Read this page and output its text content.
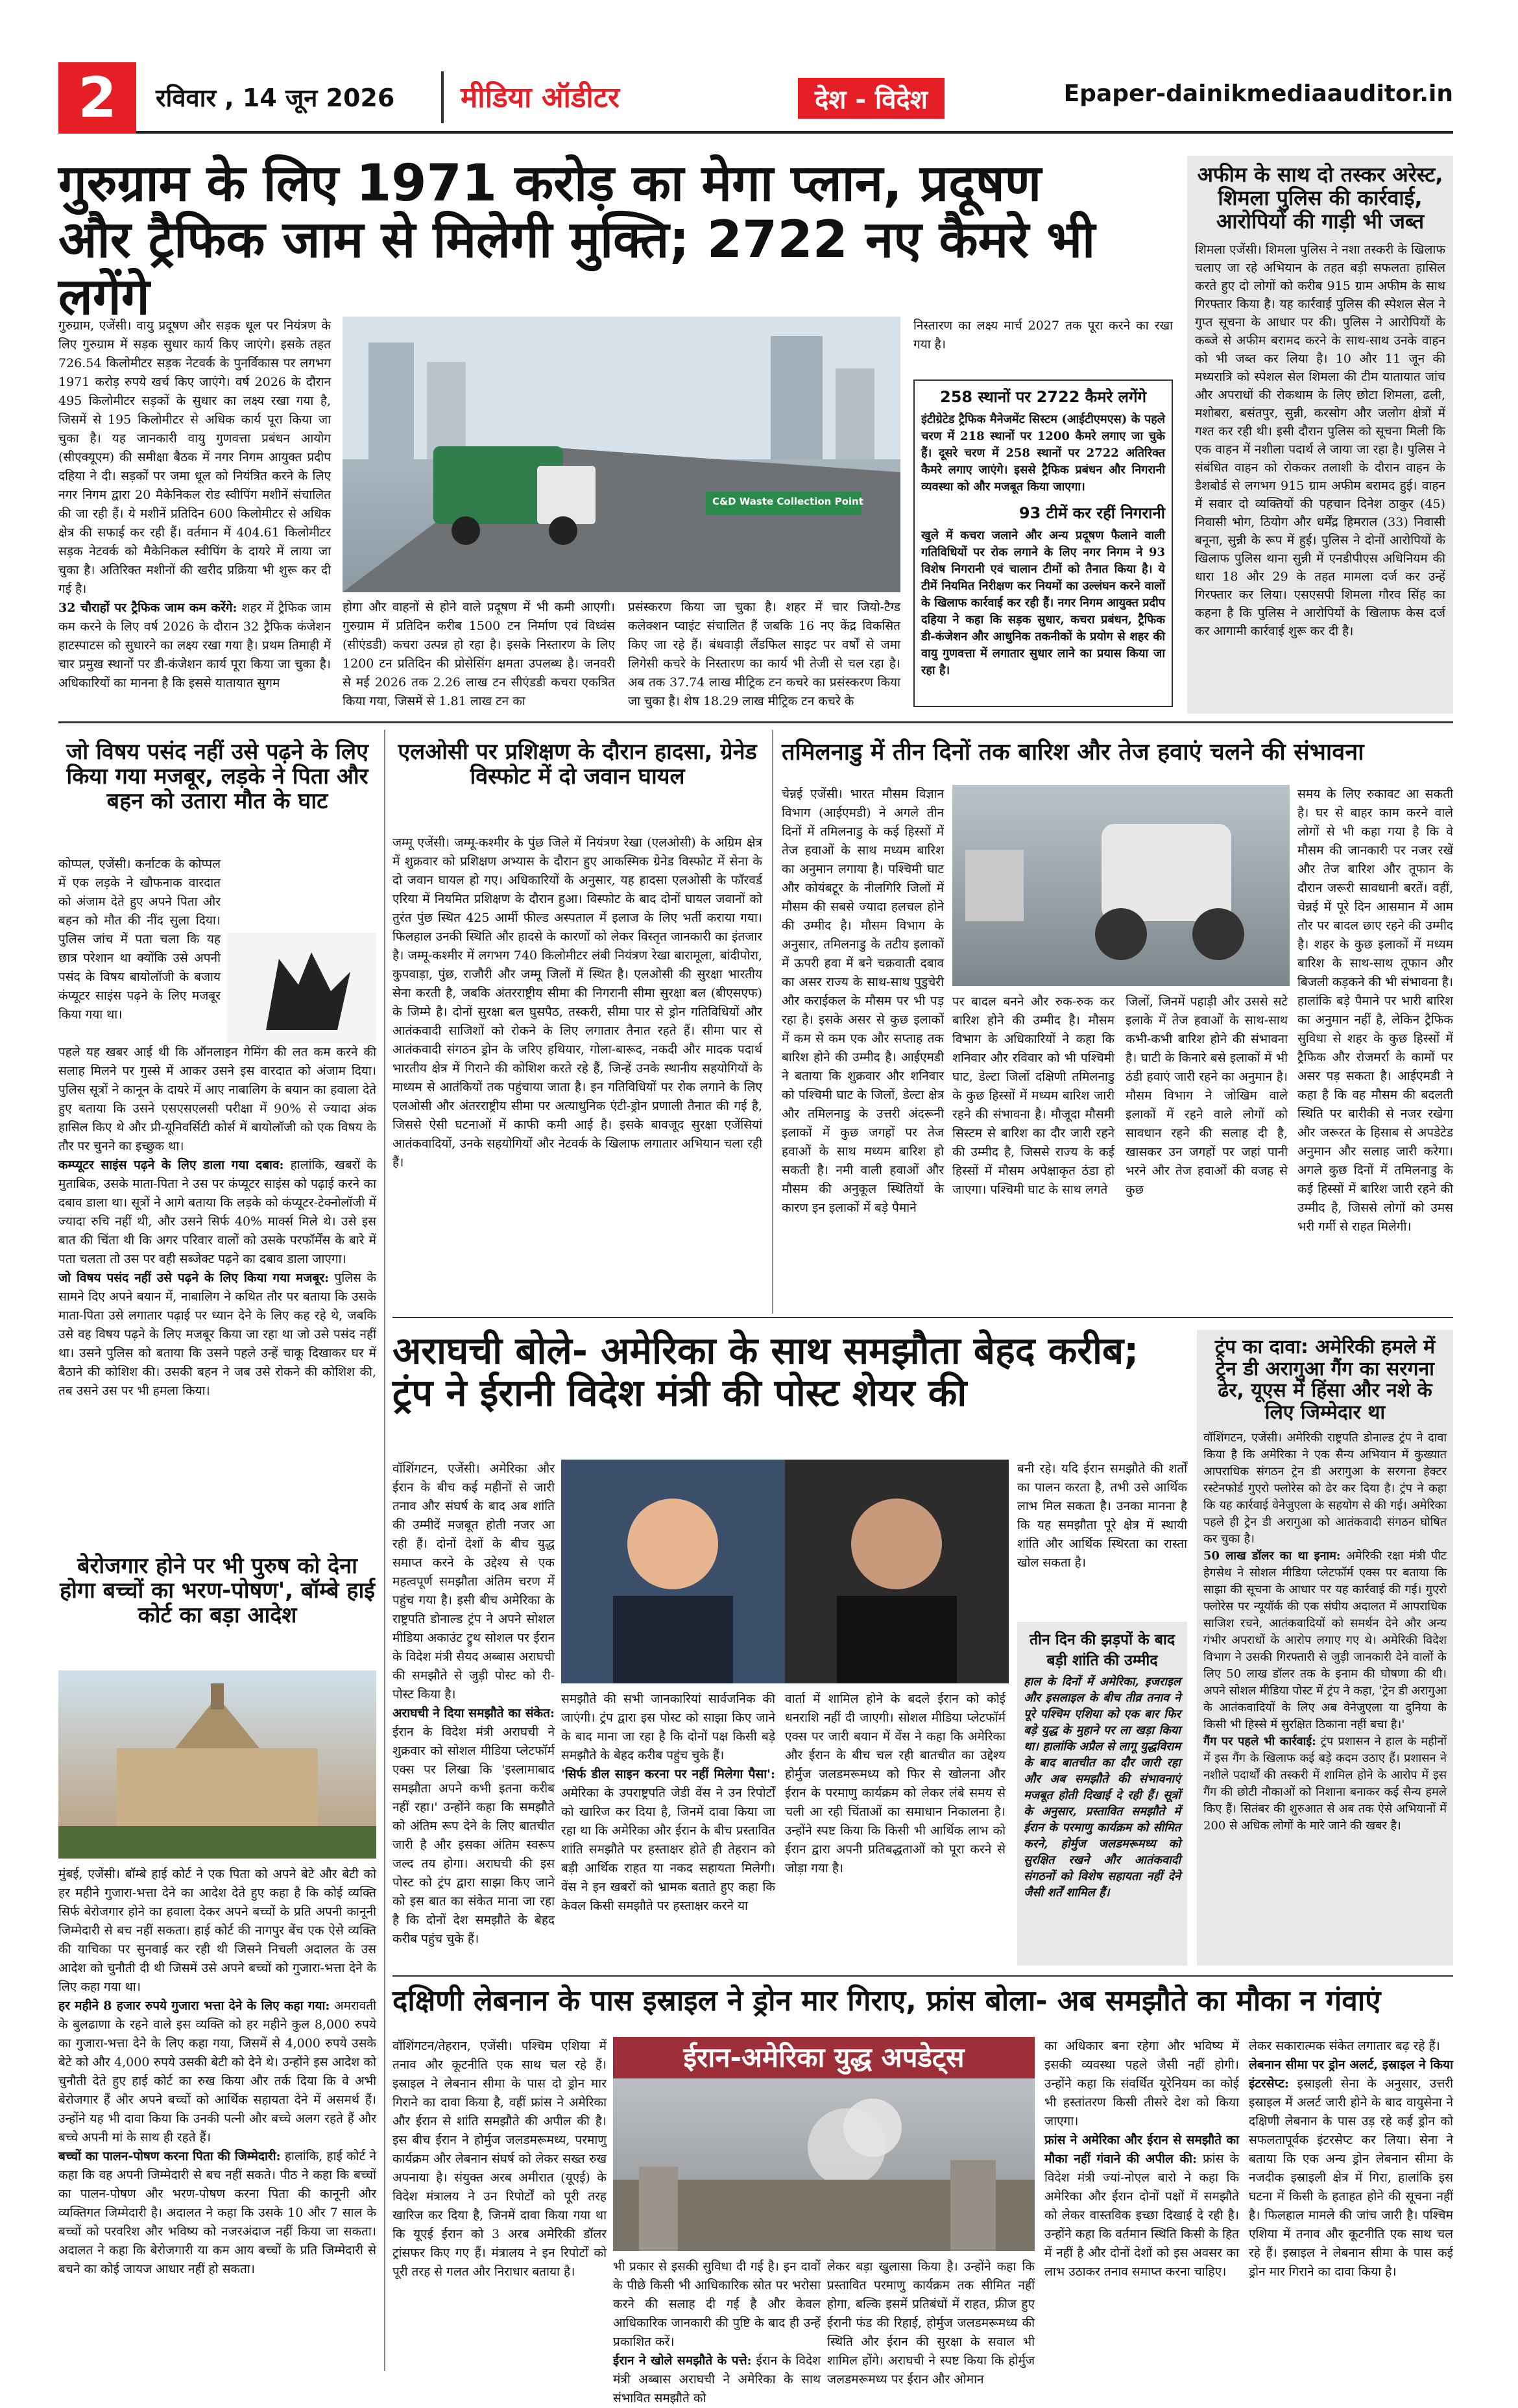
2	रविवार , 14 जून 2026 मीडिया ऑडीटर	देश - विदेश	Epaper-dainikmediaauditor.in
गुरुग्राम के लिए 1971 करोड़ का मेगा प्लान, प्रदूषण और ट्रैफिक जाम से मिलेगी मुक्ति; 2722 नए कैमरे भी लगेंगे
गुरुग्राम, एजेंसी। वायु प्रदूषण और सड़क धूल पर नियंत्रण के लिए गुरुग्राम में सड़क सुधार कार्य किए जाएंगे। इसके तहत 726.54 किलोमीटर सड़क नेटवर्क के पुनर्विकास पर लगभग 1971 करोड़ रुपये खर्च किए जाएंगे। वर्ष 2026 के दौरान 495 किलोमीटर सड़कों के सुधार का लक्ष्य रखा गया है, जिसमें से 195 किलोमीटर से अधिक कार्य पूरा किया जा चुका है। यह जानकारी वायु गुणवत्ता प्रबंधन आयोग (सीएक्यूएम) की समीक्षा बैठक में नगर निगम आयुक्त प्रदीप दहिया ने दी। सड़कों पर जमा धूल को नियंत्रित करने के लिए नगर निगम द्वारा 20 मैकेनिकल रोड स्वीपिंग मशीनें संचालित की जा रही हैं। ये मशीनें प्रतिदिन 600 किलोमीटर से अधिक क्षेत्र की सफाई कर रही हैं। वर्तमान में 404.61 किलोमीटर सड़क नेटवर्क को मैकेनिकल स्वीपिंग के दायरे में लाया जा चुका है। अतिरिक्त मशीनों की खरीद प्रक्रिया भी शुरू कर दी गई है।
32 चौराहों पर ट्रैफिक जाम कम करेंगे: शहर में ट्रैफिक जाम कम करने के लिए वर्ष 2026 के दौरान 32 ट्रैफिक कंजेशन हाटस्पाटस को सुधारने का लक्ष्य रखा गया है। प्रथम तिमाही में चार प्रमुख स्थानों पर डी-कंजेशन कार्य पूरा किया जा चुका है। अधिकारियों का मानना है कि इससे यातायात सुगम
C&D Waste Collection Point
होगा और वाहनों से होने वाले प्रदूषण में भी कमी आएगी। गुरुग्राम में प्रतिदिन करीब 1500 टन निर्माण एवं विध्वंस (सीएंडडी) कचरा उत्पन्न हो रहा है। इसके निस्तारण के लिए 1200 टन प्रतिदिन की प्रोसेसिंग क्षमता उपलब्ध है। जनवरी से मई 2026 तक 2.26 लाख टन सीएंडडी कचरा एकत्रित किया गया, जिसमें से 1.81 लाख टन का
प्रसंस्करण किया जा चुका है। शहर में चार जियो-टैग्ड कलेक्शन प्वाइंट संचालित हैं जबकि 16 नए केंद्र विकसित किए जा रहे हैं। बंधवाड़ी लैंडफिल साइट पर वर्षों से जमा लिगेसी कचरे के निस्तारण का कार्य भी तेजी से चल रहा है। अब तक 37.74 लाख मीट्रिक टन कचरे का प्रसंस्करण किया जा चुका है। शेष 18.29 लाख मीट्रिक टन कचरे के
निस्तारण का लक्ष्य मार्च 2027 तक पूरा करने का रखा गया है।
258 स्थानों पर 2722 कैमरे लगेंगे
इंटीग्रेटेड ट्रैफिक मैनेजमेंट सिस्टम (आईटीएमएस) के पहले चरण में 218 स्थानों पर 1200 कैमरे लगाए जा चुके हैं। दूसरे चरण में 258 स्थानों पर 2722 अतिरिक्त कैमरे लगाए जाएंगे। इससे ट्रैफिक प्रबंधन और निगरानी व्यवस्था को और मजबूत किया जाएगा।
93 टीमें कर रहीं निगरानी
खुले में कचरा जलाने और अन्य प्रदूषण फैलाने वाली गतिविधियों पर रोक लगाने के लिए नगर निगम ने 93 विशेष निगरानी एवं चालान टीमों को तैनात किया है। ये टीमें नियमित निरीक्षण कर नियमों का उल्लंघन करने वालों के खिलाफ कार्रवाई कर रही हैं। नगर निगम आयुक्त प्रदीप दहिया ने कहा कि सड़क सुधार, कचरा प्रबंधन, ट्रैफिक डी-कंजेशन और आधुनिक तकनीकों के प्रयोग से शहर की वायु गुणवत्ता में लगातार सुधार लाने का प्रयास किया जा रहा है।
अफीम के साथ दो तस्कर अरेस्ट, शिमला पुलिस की कार्रवाई, आरोपियों की गाड़ी भी जब्त
शिमला एजेंसी। शिमला पुलिस ने नशा तस्करी के खिलाफ चलाए जा रहे अभियान के तहत बड़ी सफलता हासिल करते हुए दो लोगों को करीब 915 ग्राम अफीम के साथ गिरफ्तार किया है। यह कार्रवाई पुलिस की स्पेशल सेल ने गुप्त सूचना के आधार पर की। पुलिस ने आरोपियों के कब्जे से अफीम बरामद करने के साथ-साथ उनके वाहन को भी जब्त कर लिया है। 10 और 11 जून की मध्यरात्रि को स्पेशल सेल शिमला की टीम यातायात जांच और अपराधों की रोकथाम के लिए छोटा शिमला, ढली, मशोबरा, बसंतपुर, सुन्नी, करसोग और जलोग क्षेत्रों में गश्त कर रही थी। इसी दौरान पुलिस को सूचना मिली कि एक वाहन में नशीला पदार्थ ले जाया जा रहा है। पुलिस ने संबंधित वाहन को रोककर तलाशी के दौरान वाहन के डैशबोर्ड से लगभग 915 ग्राम अफीम बरामद हुई। वाहन में सवार दो व्यक्तियों की पहचान दिनेश ठाकुर (45) निवासी भोग, ठियोग और धर्मेंद्र हिमराल (33) निवासी बनूना, सुन्नी के रूप में हुई। पुलिस ने दोनों आरोपियों के खिलाफ पुलिस थाना सुन्नी में एनडीपीएस अधिनियम की धारा 18 और 29 के तहत मामला दर्ज कर उन्हें गिरफ्तार कर लिया। एसएसपी शिमला गौरव सिंह का कहना है कि पुलिस ने आरोपियों के खिलाफ केस दर्ज कर आगामी कार्रवाई शुरू कर दी है।
जो विषय पसंद नहीं उसे पढ़ने के लिए किया गया मजबूर, लड़के ने पिता और बहन को उतारा मौत के घाट
कोप्पल, एजेंसी। कर्नाटक के कोप्पल में एक लड़के ने खौफनाक वारदात को अंजाम देते हुए अपने पिता और बहन को मौत की नींद सुला दिया। पुलिस जांच में पता चला कि यह छात्र परेशान था क्योंकि उसे अपनी पसंद के विषय बायोलॉजी के बजाय कंप्यूटर साइंस पढ़ने के लिए मजबूर किया गया था।
पहले यह खबर आई थी कि ऑनलाइन गेमिंग की लत कम करने की सलाह मिलने पर गुस्से में आकर उसने इस वारदात को अंजाम दिया। पुलिस सूत्रों ने कानून के दायरे में आए नाबालिग के बयान का हवाला देते हुए बताया कि उसने एसएसएलसी परीक्षा में 90% से ज्यादा अंक हासिल किए थे और प्री-यूनिवर्सिटी कोर्स में बायोलॉजी को एक विषय के तौर पर चुनने का इच्छुक था।
कम्प्यूटर साइंस पढ़ने के लिए डाला गया दबाव: हालांकि, खबरों के मुताबिक, उसके माता-पिता ने उस पर कंप्यूटर साइंस को पढ़ाई करने का दबाव डाला था। सूत्रों ने आगे बताया कि लड़के को कंप्यूटर-टेक्नोलॉजी में ज्यादा रुचि नहीं थी, और उसने सिर्फ 40% मार्क्स मिले थे। उसे इस बात की चिंता थी कि अगर परिवार वालों को उसके परफॉर्मेंस के बारे में पता चलता तो उस पर वही सब्जेक्ट पढ़ने का दबाव डाला जाएगा।
जो विषय पसंद नहीं उसे पढ़ने के लिए किया गया मजबूर: पुलिस के सामने दिए अपने बयान में, नाबालिग ने कथित तौर पर बताया कि उसके माता-पिता उसे लगातार पढ़ाई पर ध्यान देने के लिए कह रहे थे, जबकि उसे वह विषय पढ़ने के लिए मजबूर किया जा रहा था जो उसे पसंद नहीं था। उसने पुलिस को बताया कि उसने पहले उन्हें चाकू दिखाकर घर में बैठाने की कोशिश की। उसकी बहन ने जब उसे रोकने की कोशिश की, तब उसने उस पर भी हमला किया।
बेरोजगार होने पर भी पुरुष को देना होगा बच्चों का भरण-पोषण', बॉम्बे हाई कोर्ट का बड़ा आदेश
मुंबई, एजेंसी। बॉम्बे हाई कोर्ट ने एक पिता को अपने बेटे और बेटी को हर महीने गुजारा-भत्ता देने का आदेश देते हुए कहा है कि कोई व्यक्ति सिर्फ बेरोजगार होने का हवाला देकर अपने बच्चों के प्रति अपनी कानूनी जिम्मेदारी से बच नहीं सकता। हाई कोर्ट की नागपुर बेंच एक ऐसे व्यक्ति की याचिका पर सुनवाई कर रही थी जिसने निचली अदालत के उस आदेश को चुनौती दी थी जिसमें उसे अपने बच्चों को गुजारा-भत्ता देने के लिए कहा गया था।
हर महीने 8 हजार रुपये गुजारा भत्ता देने के लिए कहा गया: अमरावती के बुलढाणा के रहने वाले इस व्यक्ति को हर महीने कुल 8,000 रुपये का गुजारा-भत्ता देने के लिए कहा गया, जिसमें से 4,000 रुपये उसके बेटे को और 4,000 रुपये उसकी बेटी को देने थे। उन्होंने इस आदेश को चुनौती देते हुए हाई कोर्ट का रुख किया और तर्क दिया कि वे अभी बेरोजगार हैं और अपने बच्चों को आर्थिक सहायता देने में असमर्थ हैं। उन्होंने यह भी दावा किया कि उनकी पत्नी और बच्चे अलग रहते हैं और बच्चे अपनी मां के साथ ही रहते हैं।
बच्चों का पालन-पोषण करना पिता की जिम्मेदारी: हालांकि, हाई कोर्ट ने कहा कि वह अपनी जिम्मेदारी से बच नहीं सकते। पीठ ने कहा कि बच्चों का पालन-पोषण और भरण-पोषण करना पिता की कानूनी और व्यक्तिगत जिम्मेदारी है। अदालत ने कहा कि उसके 10 और 7 साल के बच्चों को परवरिश और भविष्य को नजरअंदाज नहीं किया जा सकता। अदालत ने कहा कि बेरोजगारी या कम आय बच्चों के प्रति जिम्मेदारी से बचने का कोई जायज आधार नहीं हो सकता।
एलओसी पर प्रशिक्षण के दौरान हादसा, ग्रेनेड विस्फोट में दो जवान घायल
जम्मू एजेंसी। जम्मू-कश्मीर के पुंछ जिले में नियंत्रण रेखा (एलओसी) के अग्रिम क्षेत्र में शुक्रवार को प्रशिक्षण अभ्यास के दौरान हुए आकस्मिक ग्रेनेड विस्फोट में सेना के दो जवान घायल हो गए। अधिकारियों के अनुसार, यह हादसा एलओसी के फॉरवर्ड एरिया में नियमित प्रशिक्षण के दौरान हुआ। विस्फोट के बाद दोनों घायल जवानों को तुरंत पुंछ स्थित 425 आर्मी फील्ड अस्पताल में इलाज के लिए भर्ती कराया गया। फिलहाल उनकी स्थिति और हादसे के कारणों को लेकर विस्तृत जानकारी का इंतजार है। जम्मू-कश्मीर में लगभग 740 किलोमीटर लंबी नियंत्रण रेखा बारामूला, बांदीपोरा, कुपवाड़ा, पुंछ, राजौरी और जम्मू जिलों में स्थित है। एलओसी की सुरक्षा भारतीय सेना करती है, जबकि अंतरराष्ट्रीय सीमा की निगरानी सीमा सुरक्षा बल (बीएसएफ) के जिम्मे है। दोनों सुरक्षा बल घुसपैठ, तस्करी, सीमा पार से ड्रोन गतिविधियों और आतंकवादी साजिशों को रोकने के लिए लगातार तैनात रहते हैं। सीमा पार से आतंकवादी संगठन ड्रोन के जरिए हथियार, गोला-बारूद, नकदी और मादक पदार्थ भारतीय क्षेत्र में गिराने की कोशिश करते रहे हैं, जिन्हें उनके स्थानीय सहयोगियों के माध्यम से आतंकियों तक पहुंचाया जाता है। इन गतिविधियों पर रोक लगाने के लिए एलओसी और अंतरराष्ट्रीय सीमा पर अत्याधुनिक एंटी-ड्रोन प्रणाली तैनात की गई है, जिससे ऐसी घटनाओं में काफी कमी आई है। इसके बावजूद सुरक्षा एजेंसियां आतंकवादियों, उनके सहयोगियों और नेटवर्क के खिलाफ लगातार अभियान चला रही हैं।
तमिलनाडु में तीन दिनों तक बारिश और तेज हवाएं चलने की संभावना
चेन्नई एजेंसी। भारत मौसम विज्ञान विभाग (आईएमडी) ने अगले तीन दिनों में तमिलनाडु के कई हिस्सों में तेज हवाओं के साथ मध्यम बारिश का अनुमान लगाया है। पश्चिमी घाट और कोयंबटूर के नीलगिरि जिलों में मौसम की सबसे ज्यादा हलचल होने की उम्मीद है। मौसम विभाग के अनुसार, तमिलनाडु के तटीय इलाकों में ऊपरी हवा में बने चक्रवाती दबाव का असर राज्य के साथ-साथ पुडुचेरी और कराईकल के मौसम पर भी पड़ रहा है। इसके असर से कुछ इलाकों में कम से कम एक और सप्ताह तक बारिश होने की उम्मीद है। आईएमडी ने बताया कि शुक्रवार और शनिवार को पश्चिमी घाट के जिलों, डेल्टा क्षेत्र और तमिलनाडु के उत्तरी अंदरूनी इलाकों में कुछ जगहों पर तेज हवाओं के साथ मध्यम बारिश हो सकती है। नमी वाली हवाओं और मौसम की अनुकूल स्थितियों के कारण इन इलाकों में बड़े पैमाने
पर बादल बनने और रुक-रुक कर बारिश होने की उम्मीद है। मौसम विभाग के अधिकारियों ने कहा कि शनिवार और रविवार को भी पश्चिमी घाट, डेल्टा जिलों दक्षिणी तमिलनाडु के कुछ हिस्सों में मध्यम बारिश जारी रहने की संभावना है। मौजूदा मौसमी सिस्टम से बारिश का दौर जारी रहने की उम्मीद है, जिससे राज्य के कई हिस्सों में मौसम अपेक्षाकृत ठंडा हो जाएगा। पश्चिमी घाट के साथ लगते
जिलों, जिनमें पहाड़ी और उससे सटे इलाके में तेज हवाओं के साथ-साथ कभी-कभी बारिश होने की संभावना है। घाटी के किनारे बसे इलाकों में भी ठंडी हवाएं जारी रहने का अनुमान है। मौसम विभाग ने जोखिम वाले इलाकों में रहने वाले लोगों को सावधान रहने की सलाह दी है, खासकर उन जगहों पर जहां पानी भरने और तेज हवाओं की वजह से कुछ
समय के लिए रुकावट आ सकती है। घर से बाहर काम करने वाले लोगों से भी कहा गया है कि वे मौसम की जानकारी पर नजर रखें और तेज बारिश और तूफान के दौरान जरूरी सावधानी बरतें। वहीं, चेन्नई में पूरे दिन आसमान में आम तौर पर बादल छाए रहने की उम्मीद है। शहर के कुछ इलाकों में मध्यम बारिश के साथ-साथ तूफान और बिजली कड़कने की भी संभावना है। हालांकि बड़े पैमाने पर भारी बारिश का अनुमान नहीं है, लेकिन ट्रैफिक सुविधा से शहर के कुछ हिस्सों में ट्रैफिक और रोजमर्रा के कामों पर असर पड़ सकता है। आईएमडी ने कहा है कि वह मौसम की बदलती स्थिति पर बारीकी से नजर रखेगा और जरूरत के हिसाब से अपडेटेड अनुमान और सलाह जारी करेगा। अगले कुछ दिनों में तमिलनाडु के कई हिस्सों में बारिश जारी रहने की उम्मीद है, जिससे लोगों को उमस भरी गर्मी से राहत मिलेगी।
अराघची बोले- अमेरिका के साथ समझौता बेहद करीब; ट्रंप ने ईरानी विदेश मंत्री की पोस्ट शेयर की
वॉशिंगटन, एजेंसी। अमेरिका और ईरान के बीच कई महीनों से जारी तनाव और संघर्ष के बाद अब शांति की उम्मीदें मजबूत होती नजर आ रही हैं। दोनों देशों के बीच युद्ध समाप्त करने के उद्देश्य से एक महत्वपूर्ण समझौता अंतिम चरण में पहुंच गया है। इसी बीच अमेरिका के राष्ट्रपति डोनाल्ड ट्रंप ने अपने सोशल मीडिया अकाउंट ट्रुथ सोशल पर ईरान के विदेश मंत्री सैयद अब्बास अराघची की समझौते से जुड़ी पोस्ट को री-पोस्ट किया है।
अराघची ने दिया समझौते का संकेत: ईरान के विदेश मंत्री अराघची ने शुक्रवार को सोशल मीडिया प्लेटफॉर्म एक्स पर लिखा कि 'इस्लामाबाद समझौता अपने कभी इतना करीब नहीं रहा।' उन्होंने कहा कि समझौते को अंतिम रूप देने के लिए बातचीत जारी है और इसका अंतिम स्वरूप जल्द तय होगा। अराघची की इस पोस्ट को ट्रंप द्वारा साझा किए जाने को इस बात का संकेत माना जा रहा है कि दोनों देश समझौते के बेहद करीब पहुंच चुके हैं।
समझौते की सभी जानकारियां सार्वजनिक की जाएंगी। ट्रंप द्वारा इस पोस्ट को साझा किए जाने के बाद माना जा रहा है कि दोनों पक्ष किसी बड़े समझौते के बेहद करीब पहुंच चुके हैं।
'सिर्फ डील साइन करना पर नहीं मिलेगा पैसा': अमेरिका के उपराष्ट्रपति जेडी वेंस ने उन रिपोर्टों को खारिज कर दिया है, जिनमें दावा किया जा रहा था कि अमेरिका और ईरान के बीच प्रस्तावित शांति समझौते पर हस्ताक्षर होते ही तेहरान को बड़ी आर्थिक राहत या नकद सहायता मिलेगी। वेंस ने इन खबरों को भ्रामक बताते हुए कहा कि केवल किसी समझौते पर हस्ताक्षर करने या
वार्ता में शामिल होने के बदले ईरान को कोई धनराशि नहीं दी जाएगी। सोशल मीडिया प्लेटफॉर्म एक्स पर जारी बयान में वेंस ने कहा कि अमेरिका और ईरान के बीच चल रही बातचीत का उद्देश्य होर्मुज जलडमरूमध्य को फिर से खोलना और ईरान के परमाणु कार्यक्रम को लेकर लंबे समय से चली आ रही चिंताओं का समाधान निकालना है। उन्होंने स्पष्ट किया कि किसी भी आर्थिक लाभ को ईरान द्वारा अपनी प्रतिबद्धताओं को पूरा करने से जोड़ा गया है।
बनी रहे। यदि ईरान समझौते की शर्तों का पालन करता है, तभी उसे आर्थिक लाभ मिल सकता है। उनका मानना है कि यह समझौता पूरे क्षेत्र में स्थायी शांति और आर्थिक स्थिरता का रास्ता खोल सकता है।
तीन दिन की झड़पों के बाद बड़ी शांति की उम्मीद
हाल के दिनों में अमेरिका, इजराइल और इसलाइल के बीच तीव्र तनाव ने पूरे पश्चिम एशिया को एक बार फिर बड़े युद्ध के मुहाने पर ला खड़ा किया था। हालांकि अप्रैल से लागू युद्धविराम के बाद बातचीत का दौर जारी रहा और अब समझौते की संभावनाएं मजबूत होती दिखाई दे रही हैं। सूत्रों के अनुसार, प्रस्तावित समझौते में ईरान के परमाणु कार्यक्रम को सीमित करने, होर्मुज जलडमरूमध्य को सुरक्षित रखने और आतंकवादी संगठनों को विशेष सहायता नहीं देने जैसी शर्तें शामिल हैं।
ट्रंप का दावा: अमेरिकी हमले में ट्रेन डी अरागुआ गैंग का सरगना ढेर, यूएस में हिंसा और नशे के लिए जिम्मेदार था
वॉशिंगटन, एजेंसी। अमेरिकी राष्ट्रपति डोनाल्ड ट्रंप ने दावा किया है कि अमेरिका ने एक सैन्य अभियान में कुख्यात आपराधिक संगठन ट्रेन डी अरागुआ के सरगना हेक्टर रस्टेनफोर्ड गुएरो फ्लोरेस को ढेर कर दिया है। ट्रंप ने कहा कि यह कार्रवाई वेनेजुएला के सहयोग से की गई। अमेरिका पहले ही ट्रेन डी अरागुआ को आतंकवादी संगठन घोषित कर चुका है।
50 लाख डॉलर का था इनाम: अमेरिकी रक्षा मंत्री पीट हेगसेथ ने सोशल मीडिया प्लेटफॉर्म एक्स पर बताया कि साझा की सूचना के आधार पर यह कार्रवाई की गई। गुएरो फ्लोरेस पर न्यूयॉर्क की एक संघीय अदालत में आपराधिक साजिश रचने, आतंकवादियों को समर्थन देने और अन्य गंभीर अपराधों के आरोप लगाए गए थे। अमेरिकी विदेश विभाग ने उसकी गिरफ्तारी से जुड़ी जानकारी देने वालों के लिए 50 लाख डॉलर तक के इनाम की घोषणा की थी। अपने सोशल मीडिया पोस्ट में ट्रंप ने कहा, 'ट्रेन डी अरागुआ के आतंकवादियों के लिए अब वेनेजुएला या दुनिया के किसी भी हिस्से में सुरक्षित ठिकाना नहीं बचा है।'
गैंग पर पहले भी कार्रवाई: ट्रंप प्रशासन ने हाल के महीनों में इस गैंग के खिलाफ कई बड़े कदम उठाए हैं। प्रशासन ने नशीले पदार्थों की तस्करी में शामिल होने के आरोप में इस गैंग की छोटी नौकाओं को निशाना बनाकर कई सैन्य हमले किए हैं। सितंबर की शुरुआत से अब तक ऐसे अभियानों में 200 से अधिक लोगों के मारे जाने की खबर है।
दक्षिणी लेबनान के पास इस्राइल ने ड्रोन मार गिराए, फ्रांस बोला- अब समझौते का मौका न गंवाएं
वॉशिंगटन/तेहरान, एजेंसी। पश्चिम एशिया में तनाव और कूटनीति एक साथ चल रहे हैं। इस्राइल ने लेबनान सीमा के पास दो ड्रोन मार गिराने का दावा किया है, वहीं फ्रांस ने अमेरिका और ईरान से शांति समझौते की अपील की है। इस बीच ईरान ने होर्मुज जलडमरूमध्य, परमाणु कार्यक्रम और लेबनान संघर्ष को लेकर सख्त रुख अपनाया है। संयुक्त अरब अमीरात (यूएई) के विदेश मंत्रालय ने उन रिपोर्टों को पूरी तरह खारिज कर दिया है, जिनमें दावा किया गया था कि यूएई ईरान को 3 अरब अमेरिकी डॉलर ट्रांसफर किए गए हैं। मंत्रालय ने इन रिपोर्टों को पूरी तरह से गलत और निराधार बताया है।
ईरान-अमेरिका युद्ध अपडेट्स
भी प्रकार से इसकी सुविधा दी गई है। इन दावों के पीछे किसी भी आधिकारिक स्रोत पर भरोसा करने की सलाह दी गई है और केवल आधिकारिक जानकारी की पुष्टि के बाद ही उन्हें प्रकाशित करें।
ईरान ने खोले समझौते के पत्ते: ईरान के विदेश मंत्री अब्बास अराघची ने अमेरिका के साथ संभावित समझौते को
लेकर बड़ा खुलासा किया है। उन्होंने कहा कि प्रस्तावित परमाणु कार्यक्रम तक सीमित नहीं होगा, बल्कि इसमें प्रतिबंधों में राहत, फ्रीज हुए ईरानी फंड की रिहाई, होर्मुज जलडमरूमध्य की स्थिति और ईरान की सुरक्षा के सवाल भी शामिल होंगे। अराघची ने स्पष्ट किया कि होर्मुज जलडमरूमध्य पर ईरान और ओमान
का अधिकार बना रहेगा और भविष्य में इसकी व्यवस्था पहले जैसी नहीं होगी। उन्होंने कहा कि संवर्धित यूरेनियम का कोई भी हस्तांतरण किसी तीसरे देश को किया जाएगा।
फ्रांस ने अमेरिका और ईरान से समझौते का मौका नहीं गंवाने की अपील की: फ्रांस के विदेश मंत्री ज्यां-नोएल बारो ने कहा कि अमेरिका और ईरान दोनों पक्षों में समझौते को लेकर वास्तविक इच्छा दिखाई दे रही है। उन्होंने कहा कि वर्तमान स्थिति किसी के हित में नहीं है और दोनों देशों को इस अवसर का लाभ उठाकर तनाव समाप्त करना चाहिए।
लेकर सकारात्मक संकेत लगातार बढ़ रहे हैं।
लेबनान सीमा पर ड्रोन अलर्ट, इस्राइल ने किया इंटरसेप्ट: इस्राइली सेना के अनुसार, उत्तरी इस्राइल में अलर्ट जारी होने के बाद वायुसेना ने दक्षिणी लेबनान के पास उड़ रहे कई ड्रोन को सफलतापूर्वक इंटरसेप्ट कर लिया। सेना ने बताया कि एक अन्य ड्रोन लेबनान सीमा के नजदीक इस्राइली क्षेत्र में गिरा, हालांकि इस घटना में किसी के हताहत होने की सूचना नहीं है। फिलहाल मामले की जांच जारी है। पश्चिम एशिया में तनाव और कूटनीति एक साथ चल रहे हैं। इस्राइल ने लेबनान सीमा के पास कई ड्रोन मार गिराने का दावा किया है।
